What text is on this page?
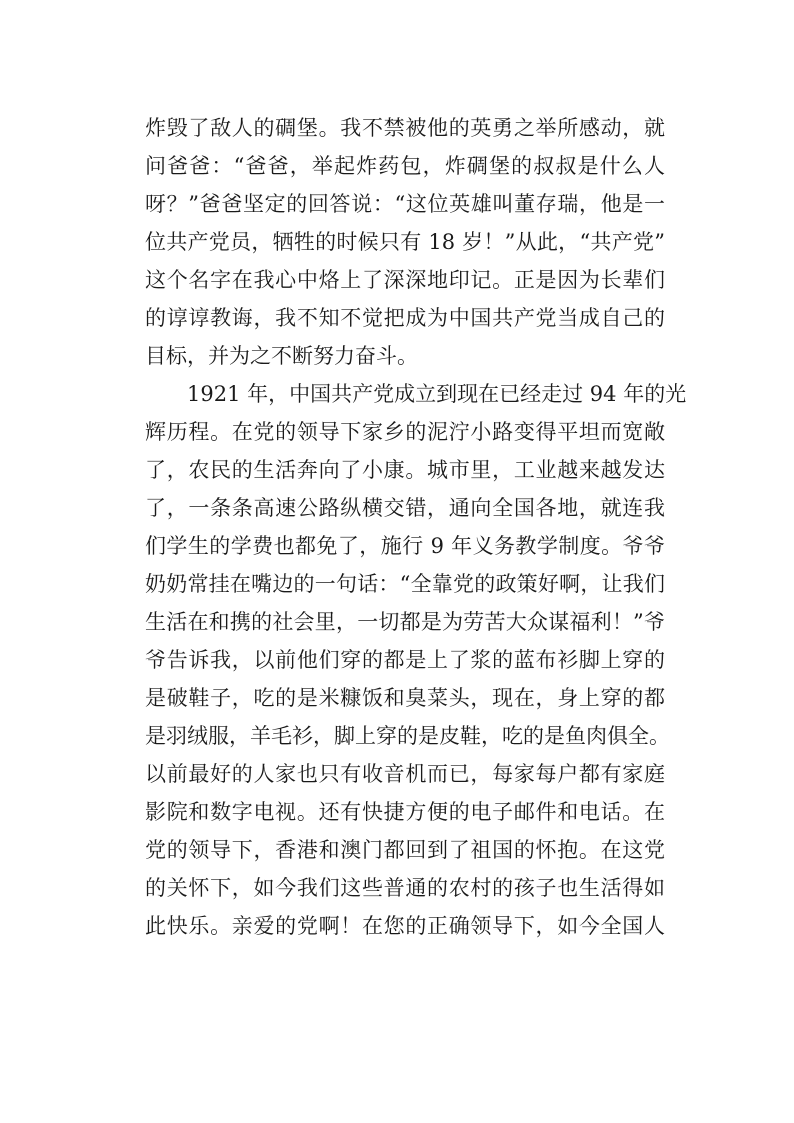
炸毁了敌人的碉堡。我不禁被他的英勇之举所感动，就
问爸爸：“爸爸，举起炸药包，炸碉堡的叔叔是什么人
呀？”爸爸坚定的回答说：“这位英雄叫董存瑞，他是一
位共产党员，牺牲的时候只有 18 岁！”从此，“共产党”
这个名字在我心中烙上了深深地印记。正是因为长辈们
的谆谆教诲，我不知不觉把成为中国共产党当成自己的
目标，并为之不断努力奋斗。
1921 年，中国共产党成立到现在已经走过 94 年的光
辉历程。在党的领导下家乡的泥泞小路变得平坦而宽敞
了，农民的生活奔向了小康。城市里，工业越来越发达
了，一条条高速公路纵横交错，通向全国各地，就连我
们学生的学费也都免了，施行 9 年义务教学制度。爷爷
奶奶常挂在嘴边的一句话：“全靠党的政策好啊，让我们
生活在和携的社会里，一切都是为劳苦大众谋福利！”爷
爷告诉我，以前他们穿的都是上了浆的蓝布衫脚上穿的
是破鞋子，吃的是米糠饭和臭菜头，现在，身上穿的都
是羽绒服，羊毛衫，脚上穿的是皮鞋，吃的是鱼肉俱全。
以前最好的人家也只有收音机而已，每家每户都有家庭
影院和数字电视。还有快捷方便的电子邮件和电话。在
党的领导下，香港和澳门都回到了祖国的怀抱。在这党
的关怀下，如今我们这些普通的农村的孩子也生活得如
此快乐。亲爱的党啊！在您的正确领导下，如今全国人
